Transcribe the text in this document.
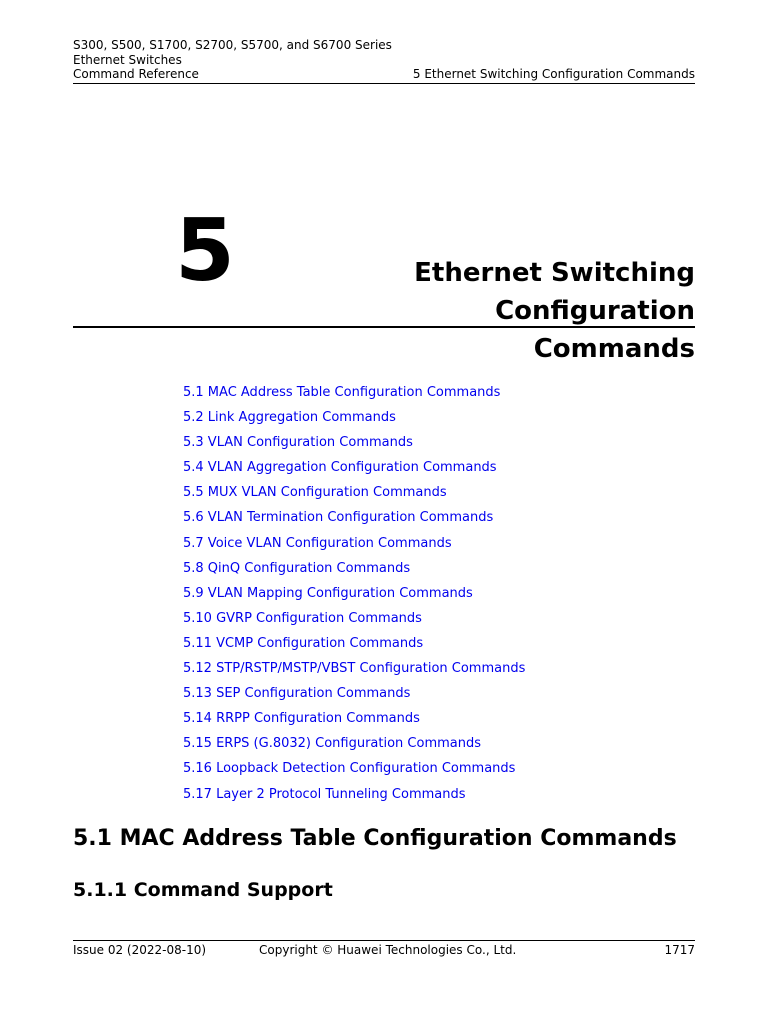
S300, S500, S1700, S2700, S5700, and S6700 Series
Ethernet Switches
Command Reference	5 Ethernet Switching Configuration Commands
5	Ethernet Switching Configuration
Commands
5.1 MAC Address Table Configuration Commands
5.2 Link Aggregation Commands
5.3 VLAN Configuration Commands
5.4 VLAN Aggregation Configuration Commands
5.5 MUX VLAN Configuration Commands
5.6 VLAN Termination Configuration Commands
5.7 Voice VLAN Configuration Commands
5.8 QinQ Configuration Commands
5.9 VLAN Mapping Configuration Commands
5.10 GVRP Configuration Commands
5.11 VCMP Configuration Commands
5.12 STP/RSTP/MSTP/VBST Configuration Commands
5.13 SEP Configuration Commands
5.14 RRPP Configuration Commands
5.15 ERPS (G.8032) Configuration Commands
5.16 Loopback Detection Configuration Commands
5.17 Layer 2 Protocol Tunneling Commands
5.1 MAC Address Table Configuration Commands
5.1.1 Command Support
Issue 02 (2022-08-10)	Copyright © Huawei Technologies Co., Ltd.	1717
